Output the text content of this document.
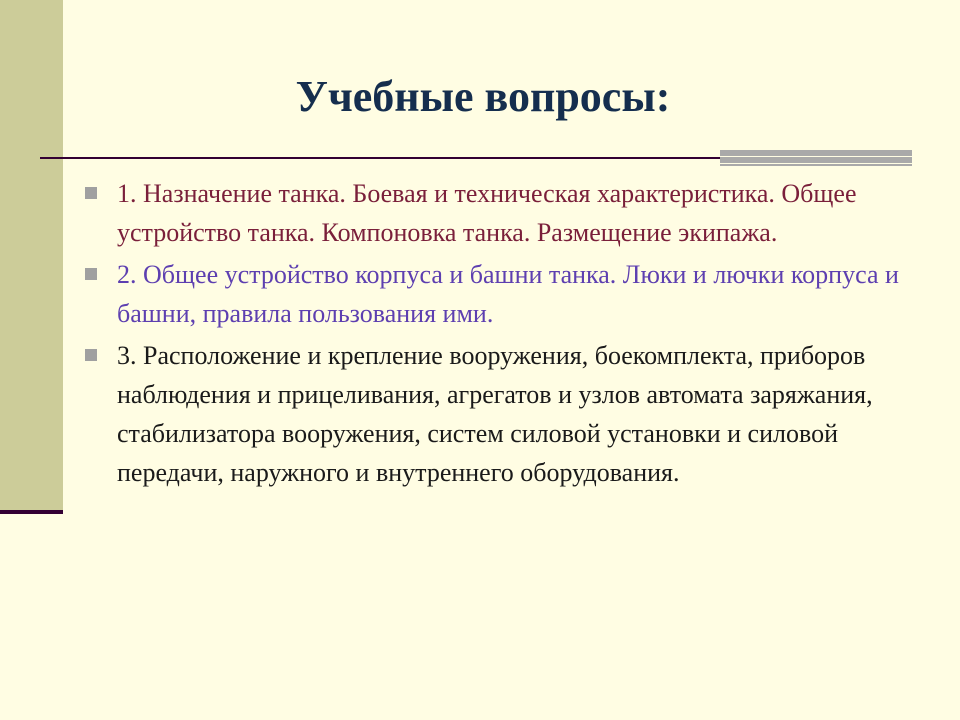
Учебные вопросы:
1. Назначение танка. Боевая и техническая характеристика. Общее устройство танка. Компоновка танка. Размещение экипажа.
2. Общее устройство корпуса и башни танка. Люки и лючки корпуса и башни, правила пользования ими.
3. Расположение и крепление вооружения, боекомплекта, приборов наблюдения и прицеливания, агрегатов и узлов автомата заряжания, стабилизатора вооружения, систем силовой установки и силовой передачи, наружного и внутреннего оборудования.
